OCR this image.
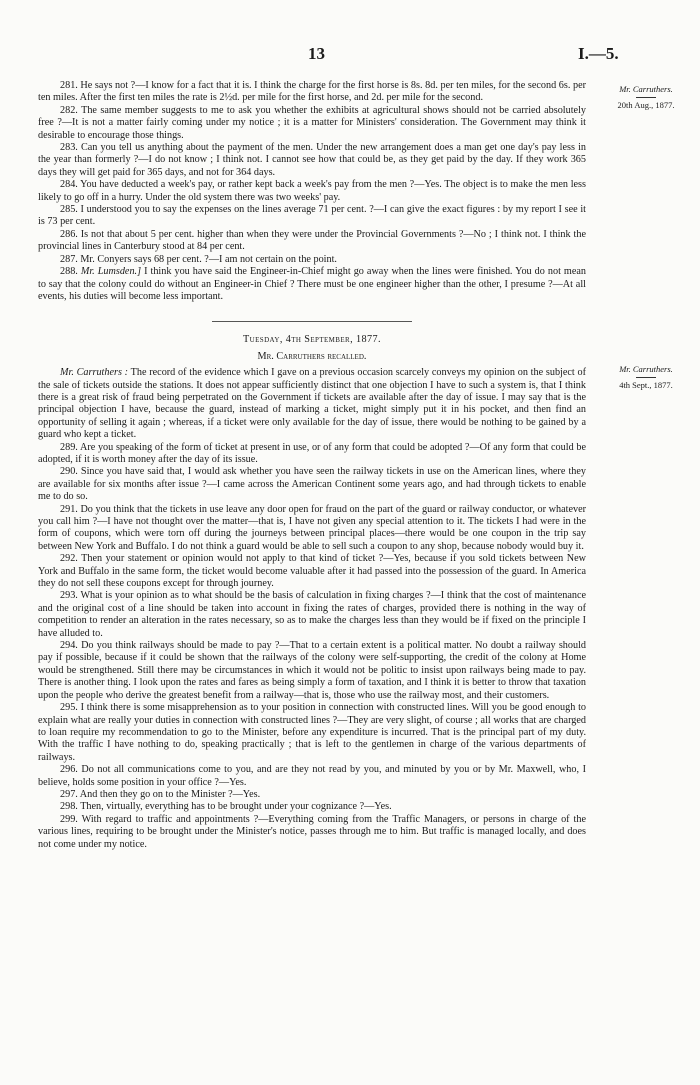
13	I.—5.
Mr. Carruthers.
20th Aug., 1877.
Mr. Carruthers.
4th Sept., 1877.

281. He says not ?—I know for a fact that it is. I think the charge for the first horse is 8s. 8d. per ten miles, for the second 6s. per ten miles. After the first ten miles the rate is 2½d. per mile for the first horse, and 2d. per mile for the second.

282. The same member suggests to me to ask you whether the exhibits at agricultural shows should not be carried absolutely free ?—It is not a matter fairly coming under my notice ; it is a matter for Ministers' consideration. The Government may think it desirable to encourage those things.

283. Can you tell us anything about the payment of the men. Under the new arrangement does a man get one day's pay less in the year than formerly ?—I do not know ; I think not. I cannot see how that could be, as they get paid by the day. If they work 365 days they will get paid for 365 days, and not for 364 days.

284. You have deducted a week's pay, or rather kept back a week's pay from the men ?—Yes. The object is to make the men less likely to go off in a hurry. Under the old system there was two weeks' pay.

285. I understood you to say the expenses on the lines average 71 per cent. ?—I can give the exact figures : by my report I see it is 73 per cent.

286. Is not that about 5 per cent. higher than when they were under the Provincial Governments ?—No ; I think not. I think the provincial lines in Canterbury stood at 84 per cent.

287. Mr. Conyers says 68 per cent. ?—I am not certain on the point.

288. Mr. Lumsden.] I think you have said the Engineer-in-Chief might go away when the lines were finished. You do not mean to say that the colony could do without an Engineer-in Chief ? There must be one engineer higher than the other, I presume ?—At all events, his duties will become less important.

Tuesday, 4th September, 1877.
Mr. Carruthers recalled.

Mr. Carruthers : The record of the evidence which I gave on a previous occasion scarcely conveys my opinion on the subject of the sale of tickets outside the stations. It does not appear sufficiently distinct that one objection I have to such a system is, that I think there is a great risk of fraud being perpetrated on the Government if tickets are available after the day of issue. I may say that is the principal objection I have, because the guard, instead of marking a ticket, might simply put it in his pocket, and then find an opportunity of selling it again ; whereas, if a ticket were only available for the day of issue, there would be nothing to be gained by a guard who kept a ticket.

289. Are you speaking of the form of ticket at present in use, or of any form that could be adopted ?—Of any form that could be adopted, if it is worth money after the day of its issue.

290. Since you have said that, I would ask whether you have seen the railway tickets in use on the American lines, where they are available for six months after issue ?—I came across the American Continent some years ago, and had through tickets to enable me to do so.

291. Do you think that the tickets in use leave any door open for fraud on the part of the guard or railway conductor, or whatever you call him ?—I have not thought over the matter—that is, I have not given any special attention to it. The tickets I had were in the form of coupons, which were torn off during the journeys between principal places—there would be one coupon in the trip say between New York and Buffalo. I do not think a guard would be able to sell such a coupon to any shop, because nobody would buy it.

292. Then your statement or opinion would not apply to that kind of ticket ?—Yes, because if you sold tickets between New York and Buffalo in the same form, the ticket would become valuable after it had passed into the possession of the guard. In America they do not sell these coupons except for through journey.

293. What is your opinion as to what should be the basis of calculation in fixing charges ?—I think that the cost of maintenance and the original cost of a line should be taken into account in fixing the rates of charges, provided there is nothing in the way of competition to render an alteration in the rates necessary, so as to make the charges less than they would be if fixed on the principle I have alluded to.

294. Do you think railways should be made to pay ?—That to a certain extent is a political matter. No doubt a railway should pay if possible, because if it could be shown that the railways of the colony were self-supporting, the credit of the colony at Home would be strengthened. Still there may be circumstances in which it would not be politic to insist upon railways being made to pay. There is another thing. I look upon the rates and fares as being simply a form of taxation, and I think it is better to throw that taxation upon the people who derive the greatest benefit from a railway—that is, those who use the railway most, and their customers.

295. I think there is some misapprehension as to your position in connection with constructed lines. Will you be good enough to explain what are really your duties in connection with constructed lines ?—They are very slight, of course ; all works that are charged to loan require my recommendation to go to the Minister, before any expenditure is incurred. That is the principal part of my duty. With the traffic I have nothing to do, speaking practically ; that is left to the gentlemen in charge of the various departments of railways.

296. Do not all communications come to you, and are they not read by you, and minuted by you or by Mr. Maxwell, who, I believe, holds some position in your office ?—Yes.

297. And then they go on to the Minister ?—Yes.

298. Then, virtually, everything has to be brought under your cognizance ?—Yes.

299. With regard to traffic and appointments ?—Everything coming from the Traffic Managers, or persons in charge of the various lines, requiring to be brought under the Minister's notice, passes through me to him. But traffic is managed locally, and does not come under my notice.
